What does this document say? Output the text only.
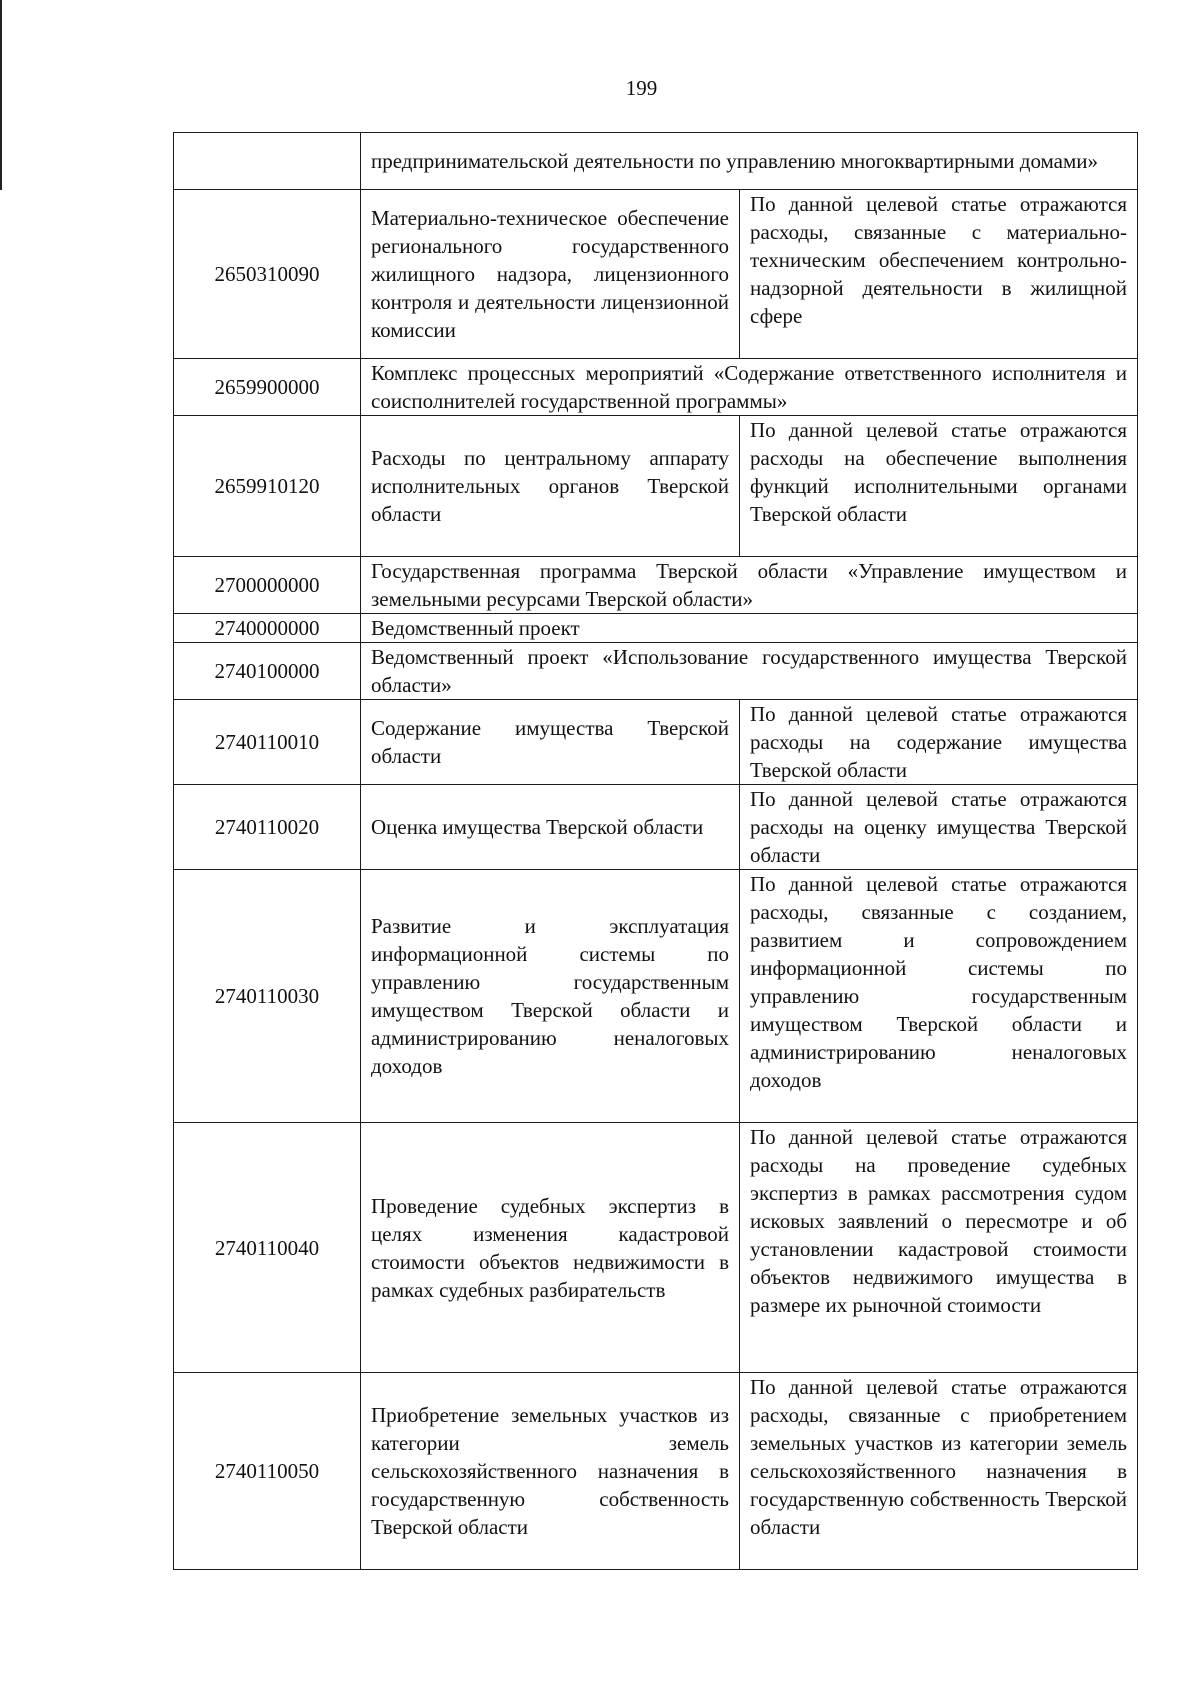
199
	предпринимательской деятельности по управлению многоквартирными домами»	
2650310090	Материально-техническое обеспечение регионального государственного жилищного надзора, лицензионного контроля и деятельности лицензионной комиссии	По данной целевой статье отражаются расходы, связанные с материально-техническим обеспечением контрольно-надзорной деятельности в жилищной сфере
2659900000	Комплекс процессных мероприятий «Содержание ответственного исполнителя и соисполнителей государственной программы»	
2659910120	Расходы по центральному аппарату исполнительных органов Тверской области	По данной целевой статье отражаются расходы на обеспечение выполнения функций исполнительными органами Тверской области
2700000000	Государственная программа Тверской области «Управление имуществом и земельными ресурсами Тверской области»	
2740000000	Ведомственный проект	
2740100000	Ведомственный проект «Использование государственного имущества Тверской области»	
2740110010	Содержание имущества Тверской области	По данной целевой статье отражаются расходы на содержание имущества Тверской области
2740110020	Оценка имущества Тверской области	По данной целевой статье отражаются расходы на оценку имущества Тверской области
2740110030	Развитие и эксплуатация информационной системы по управлению государственным имуществом Тверской области и администрированию неналоговых доходов	По данной целевой статье отражаются расходы, связанные с созданием, развитием и сопровождением информационной системы по управлению государственным имуществом Тверской области и администрированию неналоговых доходов
2740110040	Проведение судебных экспертиз в целях изменения кадастровой стоимости объектов недвижимости в рамках судебных разбирательств	По данной целевой статье отражаются расходы на проведение судебных экспертиз в рамках рассмотрения судом исковых заявлений о пересмотре и об установлении кадастровой стоимости объектов недвижимого имущества в размере их рыночной стоимости
2740110050	Приобретение земельных участков из категории земель сельскохозяйственного назначения в государственную собственность Тверской области	По данной целевой статье отражаются расходы, связанные с приобретением земельных участков из категории земель сельскохозяйственного назначения в государственную собственность Тверской области
